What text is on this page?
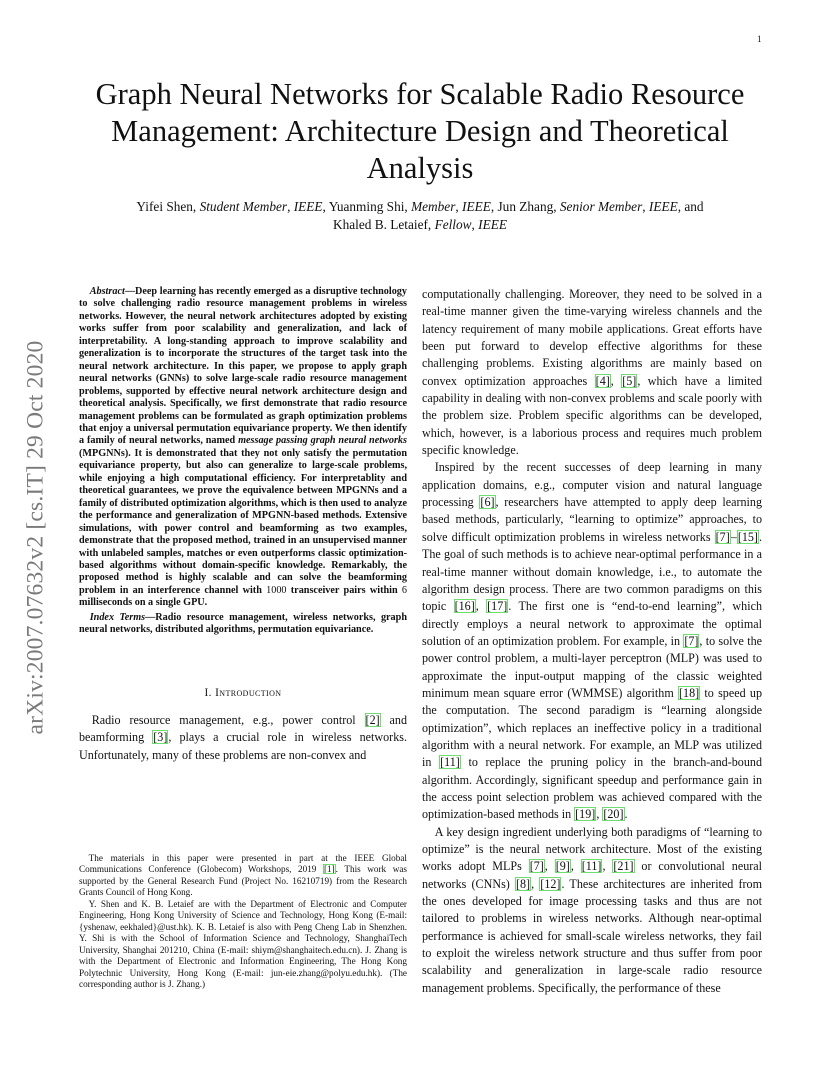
1
arXiv:2007.07632v2 [cs.IT] 29 Oct 2020
Graph Neural Networks for Scalable Radio Resource Management: Architecture Design and Theoretical Analysis
Yifei Shen, Student Member, IEEE, Yuanming Shi, Member, IEEE, Jun Zhang, Senior Member, IEEE, and
Khaled B. Letaief, Fellow, IEEE

Abstract—Deep learning has recently emerged as a disruptive technology to solve challenging radio resource management problems in wireless networks. However, the neural network architectures adopted by existing works suffer from poor scalability and generalization, and lack of interpretability. A long-standing approach to improve scalability and generalization is to incorporate the structures of the target task into the neural network architecture. In this paper, we propose to apply graph neural networks (GNNs) to solve large-scale radio resource management problems, supported by effective neural network architecture design and theoretical analysis. Specifically, we first demonstrate that radio resource management problems can be formulated as graph optimization problems that enjoy a universal permutation equivariance property. We then identify a family of neural networks, named message passing graph neural networks (MPGNNs). It is demonstrated that they not only satisfy the permutation equivariance property, but also can generalize to large-scale problems, while enjoying a high computational efficiency. For interpretablity and theoretical guarantees, we prove the equivalence between MPGNNs and a family of distributed optimization algorithms, which is then used to analyze the performance and generalization of MPGNN-based methods. Extensive simulations, with power control and beamforming as two examples, demonstrate that the proposed method, trained in an unsupervised manner with unlabeled samples, matches or even outperforms classic optimization-based algorithms without domain-specific knowledge. Remarkably, the proposed method is highly scalable and can solve the beamforming problem in an interference channel with 1000 transceiver pairs within 6 milliseconds on a single GPU.

Index Terms—Radio resource management, wireless networks, graph neural networks, distributed algorithms, permutation equivariance.

I. Introduction

Radio resource management, e.g., power control [2] and beamforming [3], plays a crucial role in wireless networks. Unfortunately, many of these problems are non-convex and

The materials in this paper were presented in part at the IEEE Global Communications Conference (Globecom) Workshops, 2019 [1]. This work was supported by the General Research Fund (Project No. 16210719) from the Research Grants Council of Hong Kong.

Y. Shen and K. B. Letaief are with the Department of Electronic and Computer Engineering, Hong Kong University of Science and Technology, Hong Kong (E-mail: {yshenaw, eekhaled}@ust.hk). K. B. Letaief is also with Peng Cheng Lab in Shenzhen. Y. Shi is with the School of Information Science and Technology, ShanghaiTech University, Shanghai 201210, China (E-mail: shiym@shanghaitech.edu.cn). J. Zhang is with the Department of Electronic and Information Engineering, The Hong Kong Polytechnic University, Hong Kong (E-mail: jun-eie.zhang@polyu.edu.hk). (The corresponding author is J. Zhang.)

computationally challenging. Moreover, they need to be solved in a real-time manner given the time-varying wireless channels and the latency requirement of many mobile applications. Great efforts have been put forward to develop effective algorithms for these challenging problems. Existing algorithms are mainly based on convex optimization approaches [4], [5], which have a limited capability in dealing with non-convex problems and scale poorly with the problem size. Problem specific algorithms can be developed, which, however, is a laborious process and requires much problem specific knowledge.

Inspired by the recent successes of deep learning in many application domains, e.g., computer vision and natural language processing [6], researchers have attempted to apply deep learning based methods, particularly, “learning to optimize” approaches, to solve difficult optimization problems in wireless networks [7]–[15]. The goal of such methods is to achieve near-optimal performance in a real-time manner without domain knowledge, i.e., to automate the algorithm design process. There are two common paradigms on this topic [16], [17]. The first one is “end-to-end learning”, which directly employs a neural network to approximate the optimal solution of an optimization problem. For example, in [7], to solve the power control problem, a multi-layer perceptron (MLP) was used to approximate the input-output mapping of the classic weighted minimum mean square error (WMMSE) algorithm [18] to speed up the computation. The second paradigm is “learning alongside optimization”, which replaces an ineffective policy in a traditional algorithm with a neural network. For example, an MLP was utilized in [11] to replace the pruning policy in the branch-and-bound algorithm. Accordingly, significant speedup and performance gain in the access point selection problem was achieved compared with the optimization-based methods in [19], [20].

A key design ingredient underlying both paradigms of “learning to optimize” is the neural network architecture. Most of the existing works adopt MLPs [7], [9], [11], [21] or convolutional neural networks (CNNs) [8], [12]. These architectures are inherited from the ones developed for image processing tasks and thus are not tailored to problems in wireless networks. Although near-optimal performance is achieved for small-scale wireless networks, they fail to exploit the wireless network structure and thus suffer from poor scalability and generalization in large-scale radio resource management problems. Specifically, the performance of these
